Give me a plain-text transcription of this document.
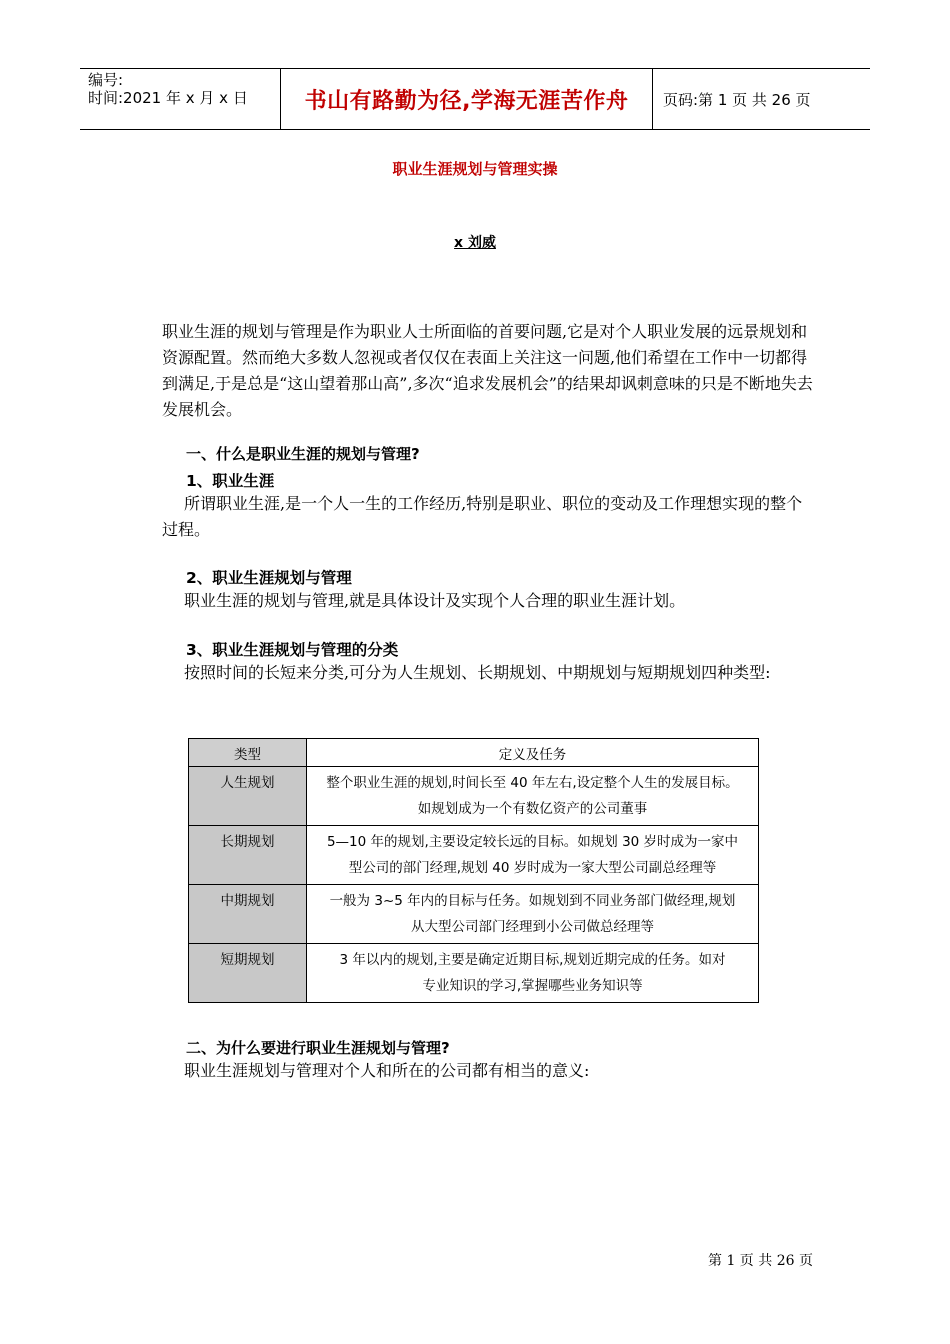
编号:
时间:2021 年 x 月 x 日	书山有路勤为径,学海无涯苦作舟	页码:第 1 页 共 26 页
职业生涯规划与管理实操
x 刘威
职业生涯的规划与管理是作为职业人士所面临的首要问题,它是对个人职业发展的远景规划和资源配置。然而绝大多数人忽视或者仅仅在表面上关注这一问题,他们希望在工作中一切都得到满足,于是总是“这山望着那山高”,多次“追求发展机会”的结果却讽刺意味的只是不断地失去发展机会。
一、什么是职业生涯的规划与管理?
1、职业生涯
所谓职业生涯,是一个人一生的工作经历,特别是职业、职位的变动及工作理想实现的整个过程。
2、职业生涯规划与管理
职业生涯的规划与管理,就是具体设计及实现个人合理的职业生涯计划。
3、职业生涯规划与管理的分类
按照时间的长短来分类,可分为人生规划、长期规划、中期规划与短期规划四种类型:
类型	定义及任务
人生规划	整个职业生涯的规划,时间长至 40 年左右,设定整个人生的发展目标。
如规划成为一个有数亿资产的公司董事

长期规划	5—10 年的规划,主要设定较长远的目标。如规划 30 岁时成为一家中
型公司的部门经理,规划 40 岁时成为一家大型公司副总经理等

中期规划	一般为 3~5 年内的目标与任务。如规划到不同业务部门做经理,规划
从大型公司部门经理到小公司做总经理等

短期规划	3 年以内的规划,主要是确定近期目标,规划近期完成的任务。如对
专业知识的学习,掌握哪些业务知识等
二、为什么要进行职业生涯规划与管理?
职业生涯规划与管理对个人和所在的公司都有相当的意义:
第 1 页 共 26 页
